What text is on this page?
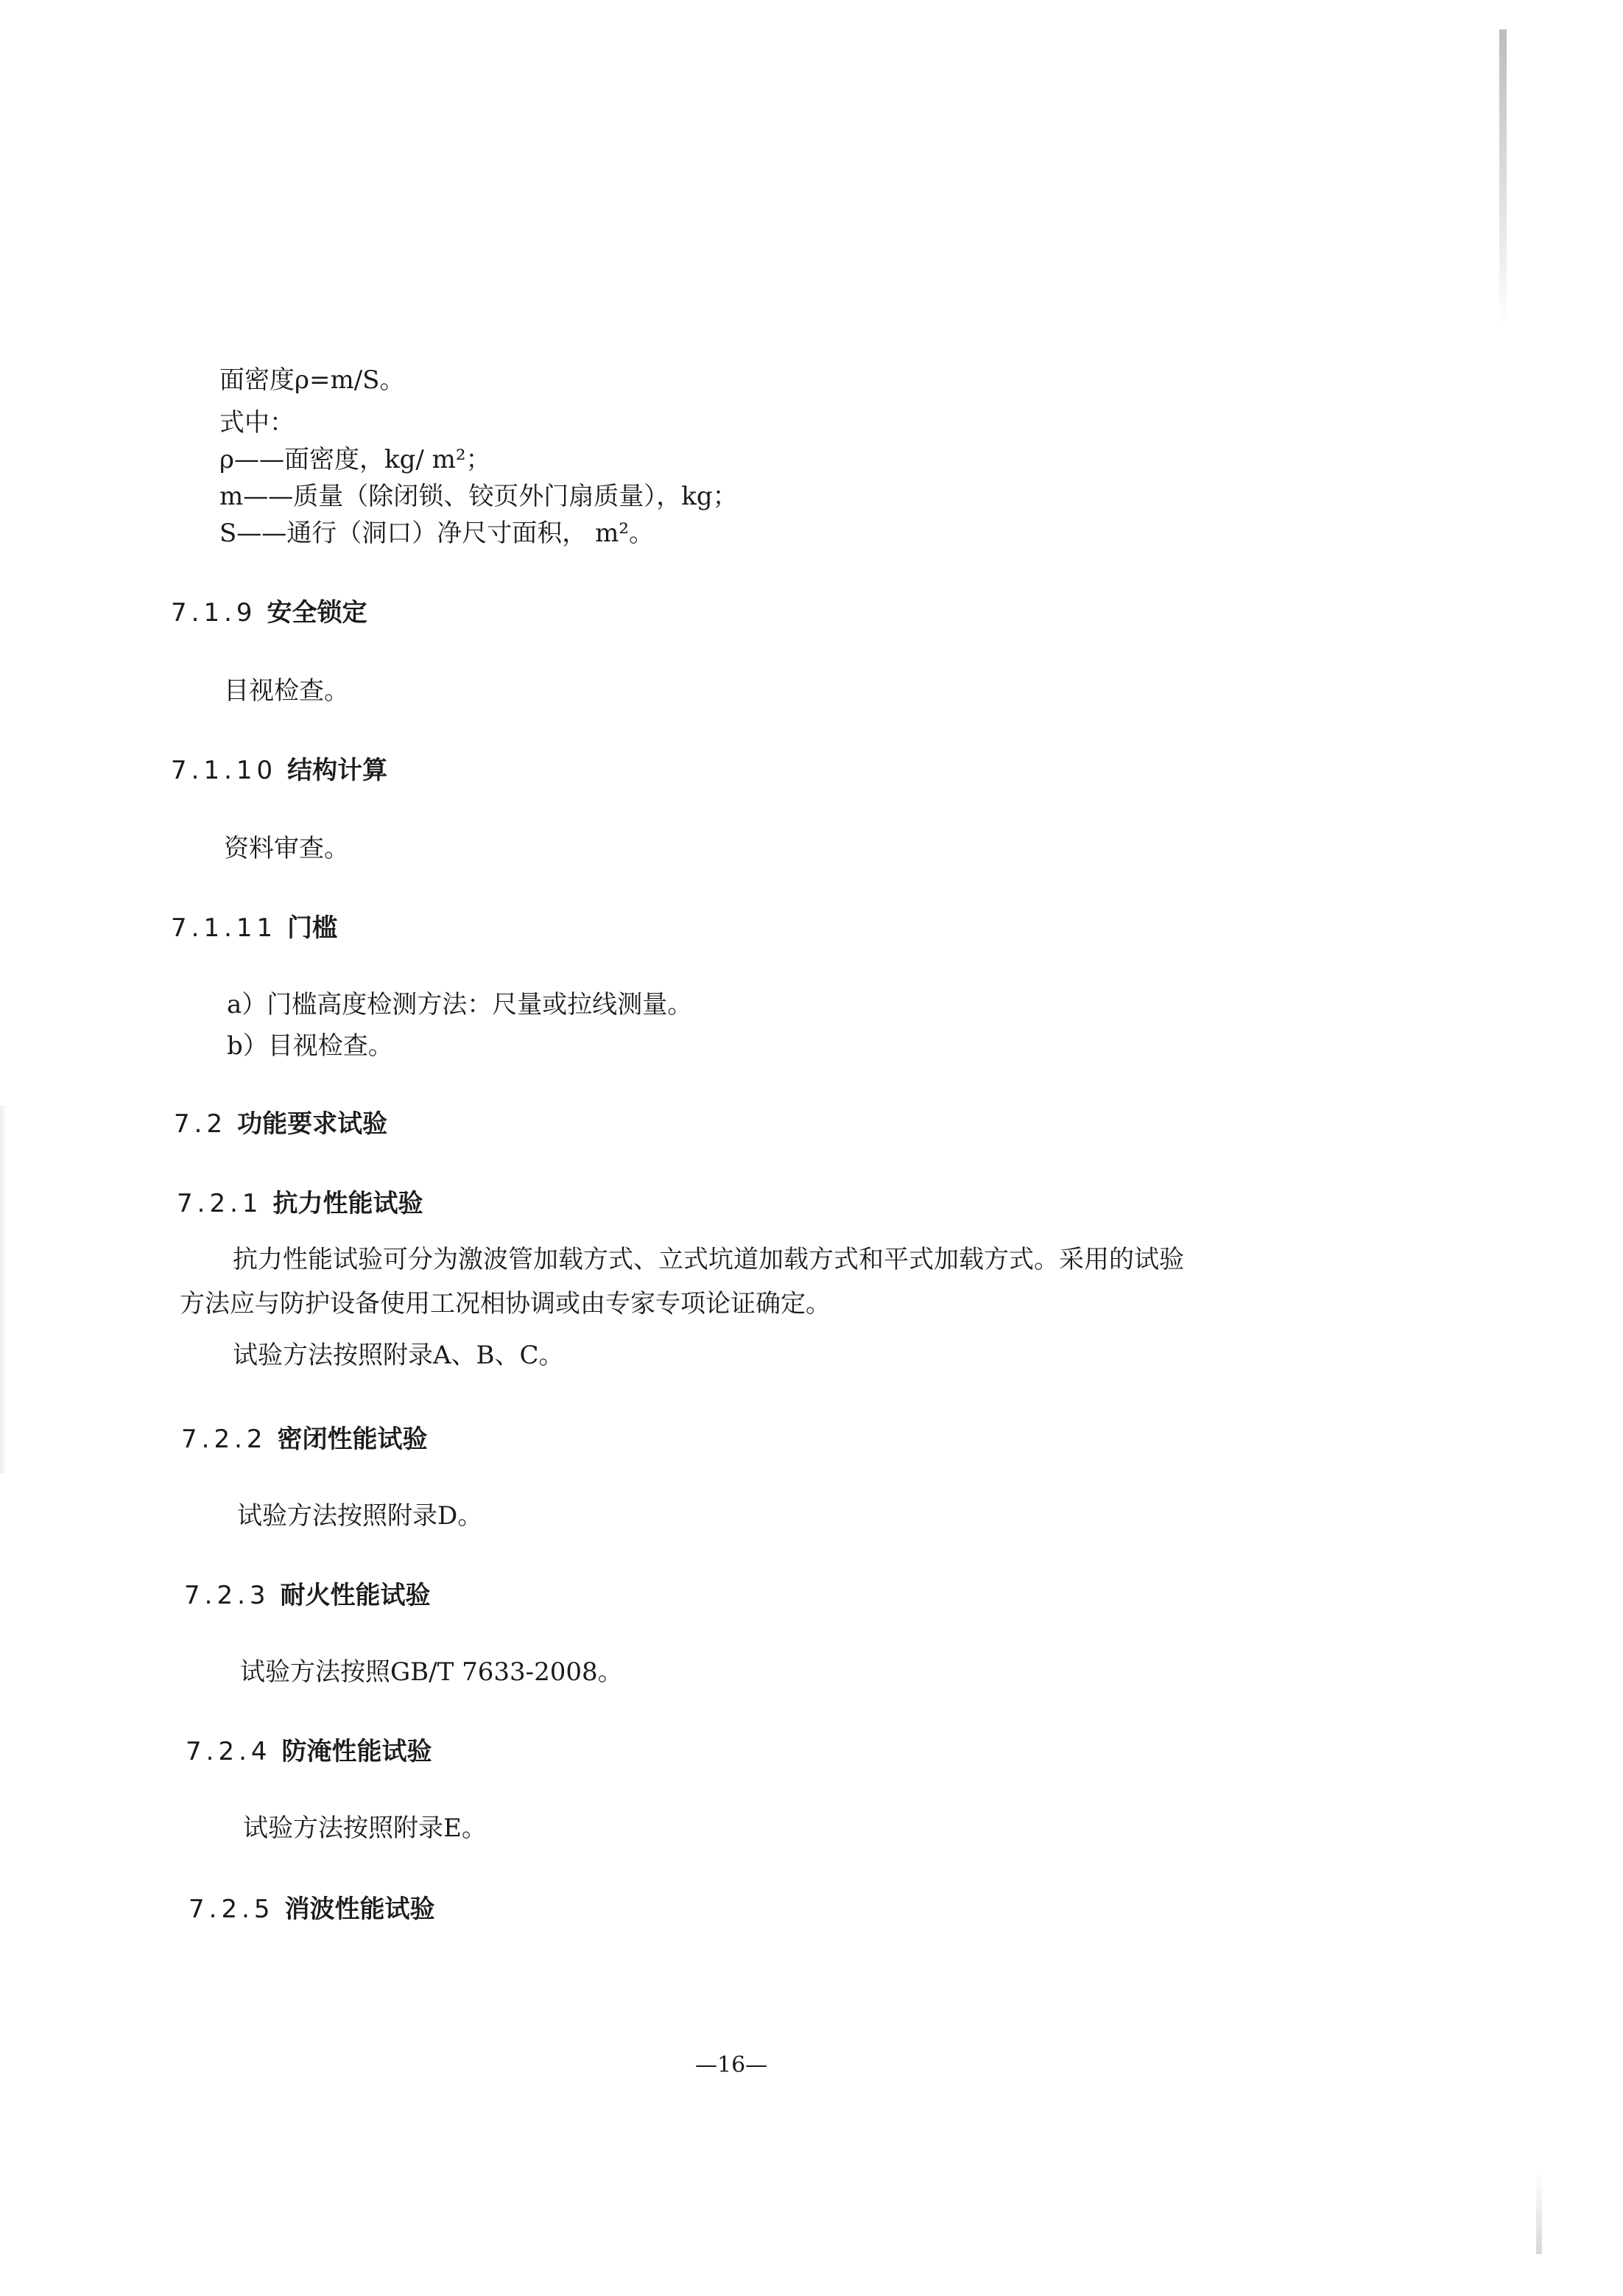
面密度ρ=m/S。
式中：
ρ——面密度，kg/ m²；
m——质量（除闭锁、铰页外门扇质量），kg；
S——通行（洞口）净尺寸面积， m²。
7.1.9 安全锁定
目视检查。
7.1.10 结构计算
资料审查。
7.1.11 门槛
a）门槛高度检测方法：尺量或拉线测量。
b）目视检查。
7.2 功能要求试验
7.2.1 抗力性能试验
抗力性能试验可分为激波管加载方式、立式坑道加载方式和平式加载方式。采用的试验
方法应与防护设备使用工况相协调或由专家专项论证确定。
试验方法按照附录A、B、C。
7.2.2 密闭性能试验
试验方法按照附录D。
7.2.3 耐火性能试验
试验方法按照GB/T 7633-2008。
7.2.4 防淹性能试验
试验方法按照附录E。
7.2.5 消波性能试验
—16—
